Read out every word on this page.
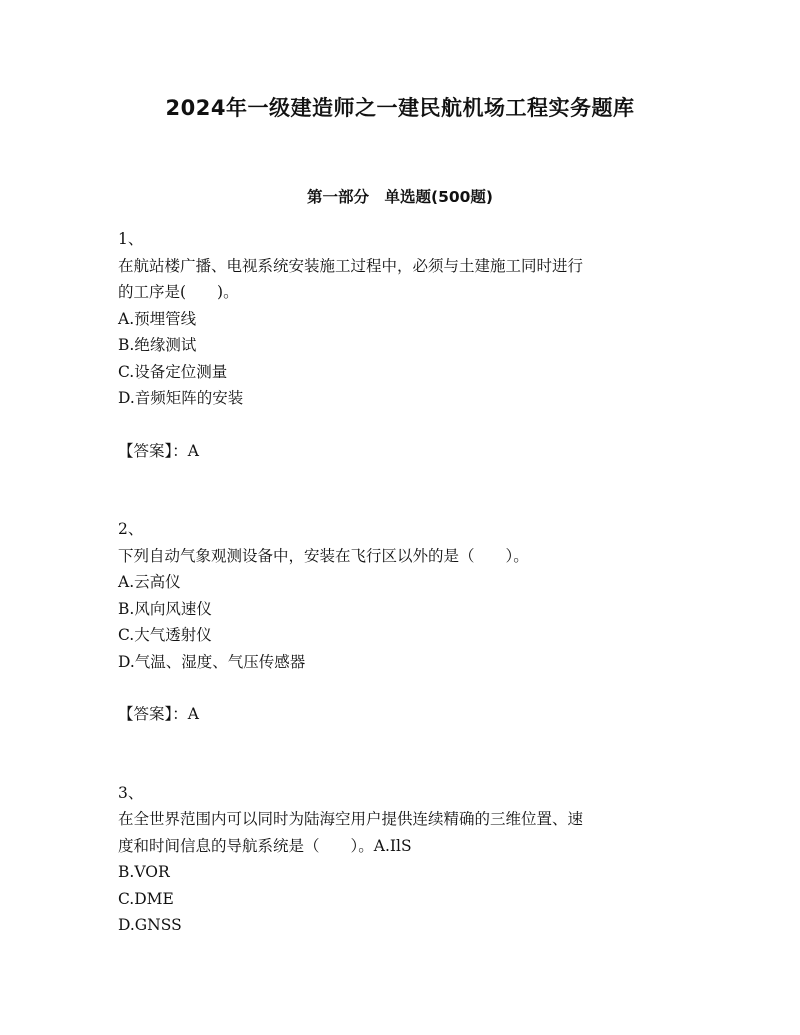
2024年一级建造师之一建民航机场工程实务题库
第一部分　单选题(500题)

1、

在航站楼广播、电视系统安装施工过程中，必须与土建施工同时进行

的工序是(　　)。

A.预埋管线

B.绝缘测试

C.设备定位测量

D.音频矩阵的安装

【答案】：A

2、

下列自动气象观测设备中，安装在飞行区以外的是（　　）。

A.云高仪

B.风向风速仪

C.大气透射仪

D.气温、湿度、气压传感器

【答案】：A

3、

在全世界范围内可以同时为陆海空用户提供连续精确的三维位置、速

度和时间信息的导航系统是（　　）。A.IlS

B.VOR

C.DME

D.GNSS
